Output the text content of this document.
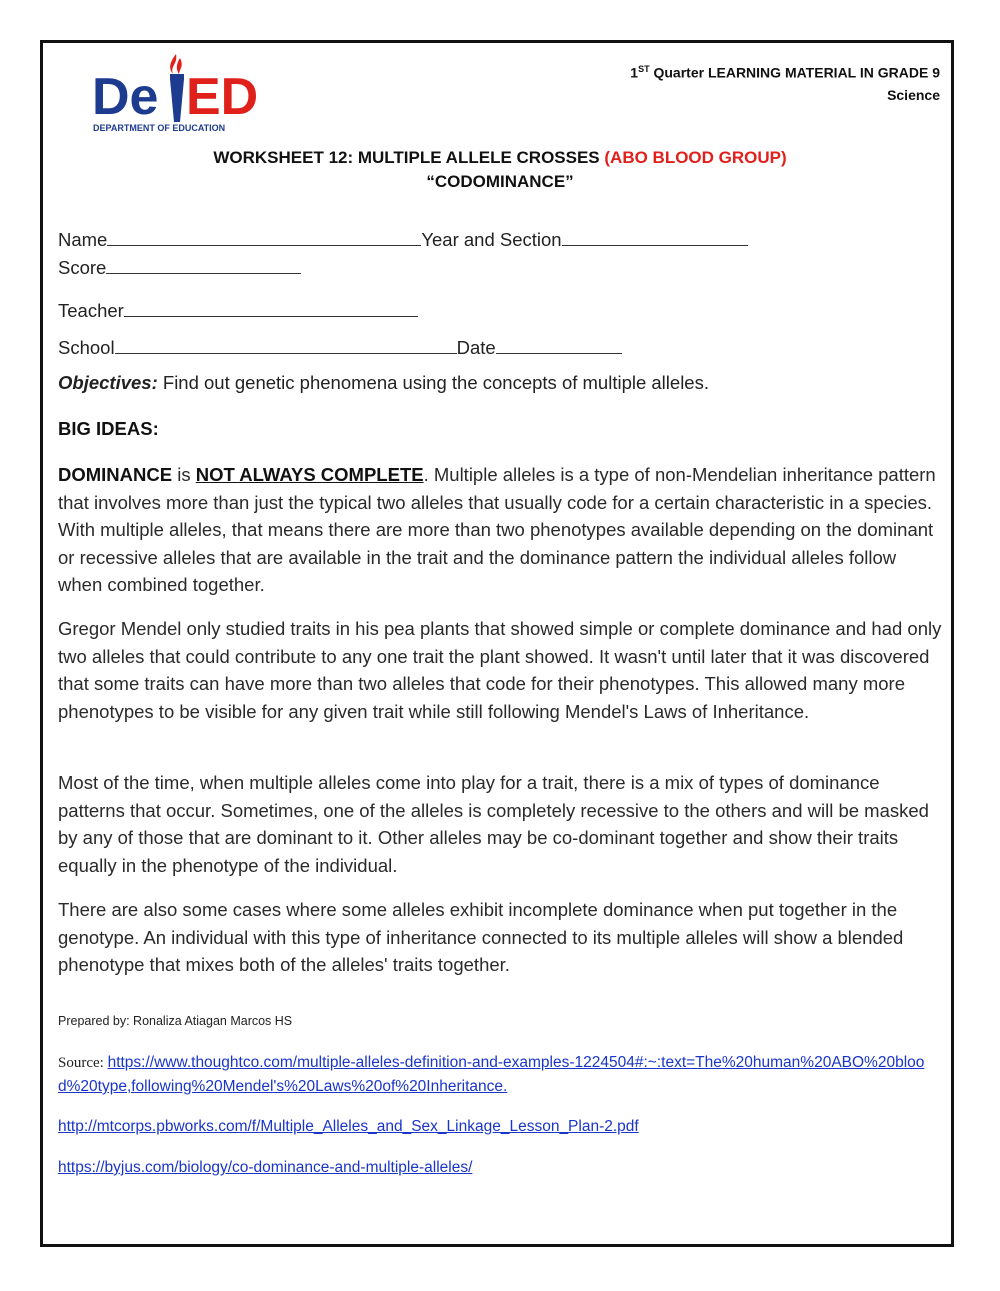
De ED
DEPARTMENT OF EDUCATION
1ST Quarter LEARNING MATERIAL IN GRADE 9
Science
WORKSHEET 12: MULTIPLE ALLELE CROSSES (ABO BLOOD GROUP)
“CODOMINANCE”
Name	Year and Section
Score
Teacher
School	Date
Objectives: Find out genetic phenomena using the concepts of multiple alleles.
BIG IDEAS:
DOMINANCE is NOT ALWAYS COMPLETE. Multiple alleles is a type of non-Mendelian inheritance pattern that involves more than just the typical two alleles that usually code for a certain characteristic in a species. With multiple alleles, that means there are more than two phenotypes available depending on the dominant or recessive alleles that are available in the trait and the dominance pattern the individual alleles follow when combined together.
Gregor Mendel only studied traits in his pea plants that showed simple or complete dominance and had only two alleles that could contribute to any one trait the plant showed. It wasn't until later that it was discovered that some traits can have more than two alleles that code for their phenotypes. This allowed many more phenotypes to be visible for any given trait while still following Mendel's Laws of Inheritance.
Most of the time, when multiple alleles come into play for a trait, there is a mix of types of dominance patterns that occur. Sometimes, one of the alleles is completely recessive to the others and will be masked by any of those that are dominant to it. Other alleles may be co-dominant together and show their traits equally in the phenotype of the individual.
There are also some cases where some alleles exhibit incomplete dominance when put together in the genotype. An individual with this type of inheritance connected to its multiple alleles will show a blended phenotype that mixes both of the alleles' traits together.
Prepared by: Ronaliza Atiagan Marcos HS
Source: https://www.thoughtco.com/multiple-alleles-definition-and-examples-1224504#:~:text=The%20human%20ABO%20blood%20type,following%20Mendel's%20Laws%20of%20Inheritance.
http://mtcorps.pbworks.com/f/Multiple_Alleles_and_Sex_Linkage_Lesson_Plan-2.pdf
https://byjus.com/biology/co-dominance-and-multiple-alleles/
